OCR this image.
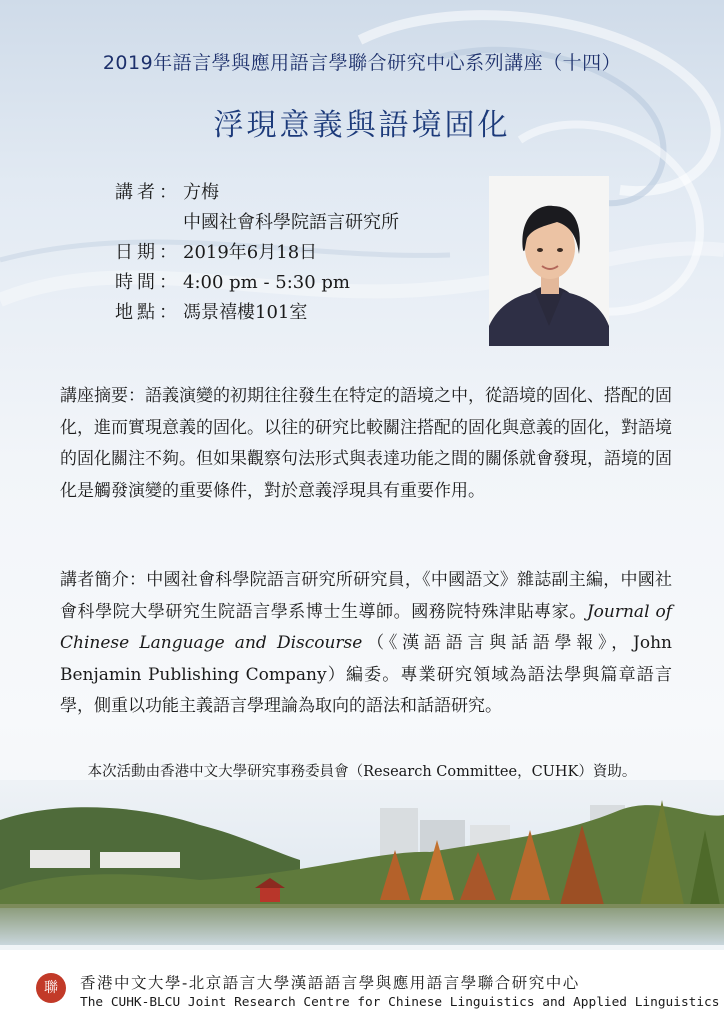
2019年語言學與應用語言學聯合研究中心系列講座（十四）
浮現意義與語境固化
講者： 方梅
中國社會科學院語言研究所
日期： 2019年6月18日
時間： 4:00 pm - 5:30 pm
地點： 馮景禧樓101室
講座摘要：語義演變的初期往往發生在特定的語境之中，從語境的固化、搭配的固化，進而實現意義的固化。以往的研究比較關注搭配的固化與意義的固化，對語境的固化關注不夠。但如果觀察句法形式與表達功能之間的關係就會發現，語境的固化是觸發演變的重要條件，對於意義浮現具有重要作用。
講者簡介：中國社會科學院語言研究所研究員，《中國語文》雜誌副主編，中國社會科學院大學研究生院語言學系博士生導師。國務院特殊津貼專家。Journal of Chinese Language and Discourse（《漢語語言與話語學報》，John Benjamin Publishing Company）編委。專業研究領域為語法學與篇章語言學，側重以功能主義語言學理論為取向的語法和話語研究。
本次活動由香港中文大學研究事務委員會（Research Committee，CUHK）資助。
聯	香港中文大學-北京語言大學漢語語言學與應用語言學聯合研究中心
The CUHK-BLCU Joint Research Centre for Chinese Linguistics and Applied Linguistics
